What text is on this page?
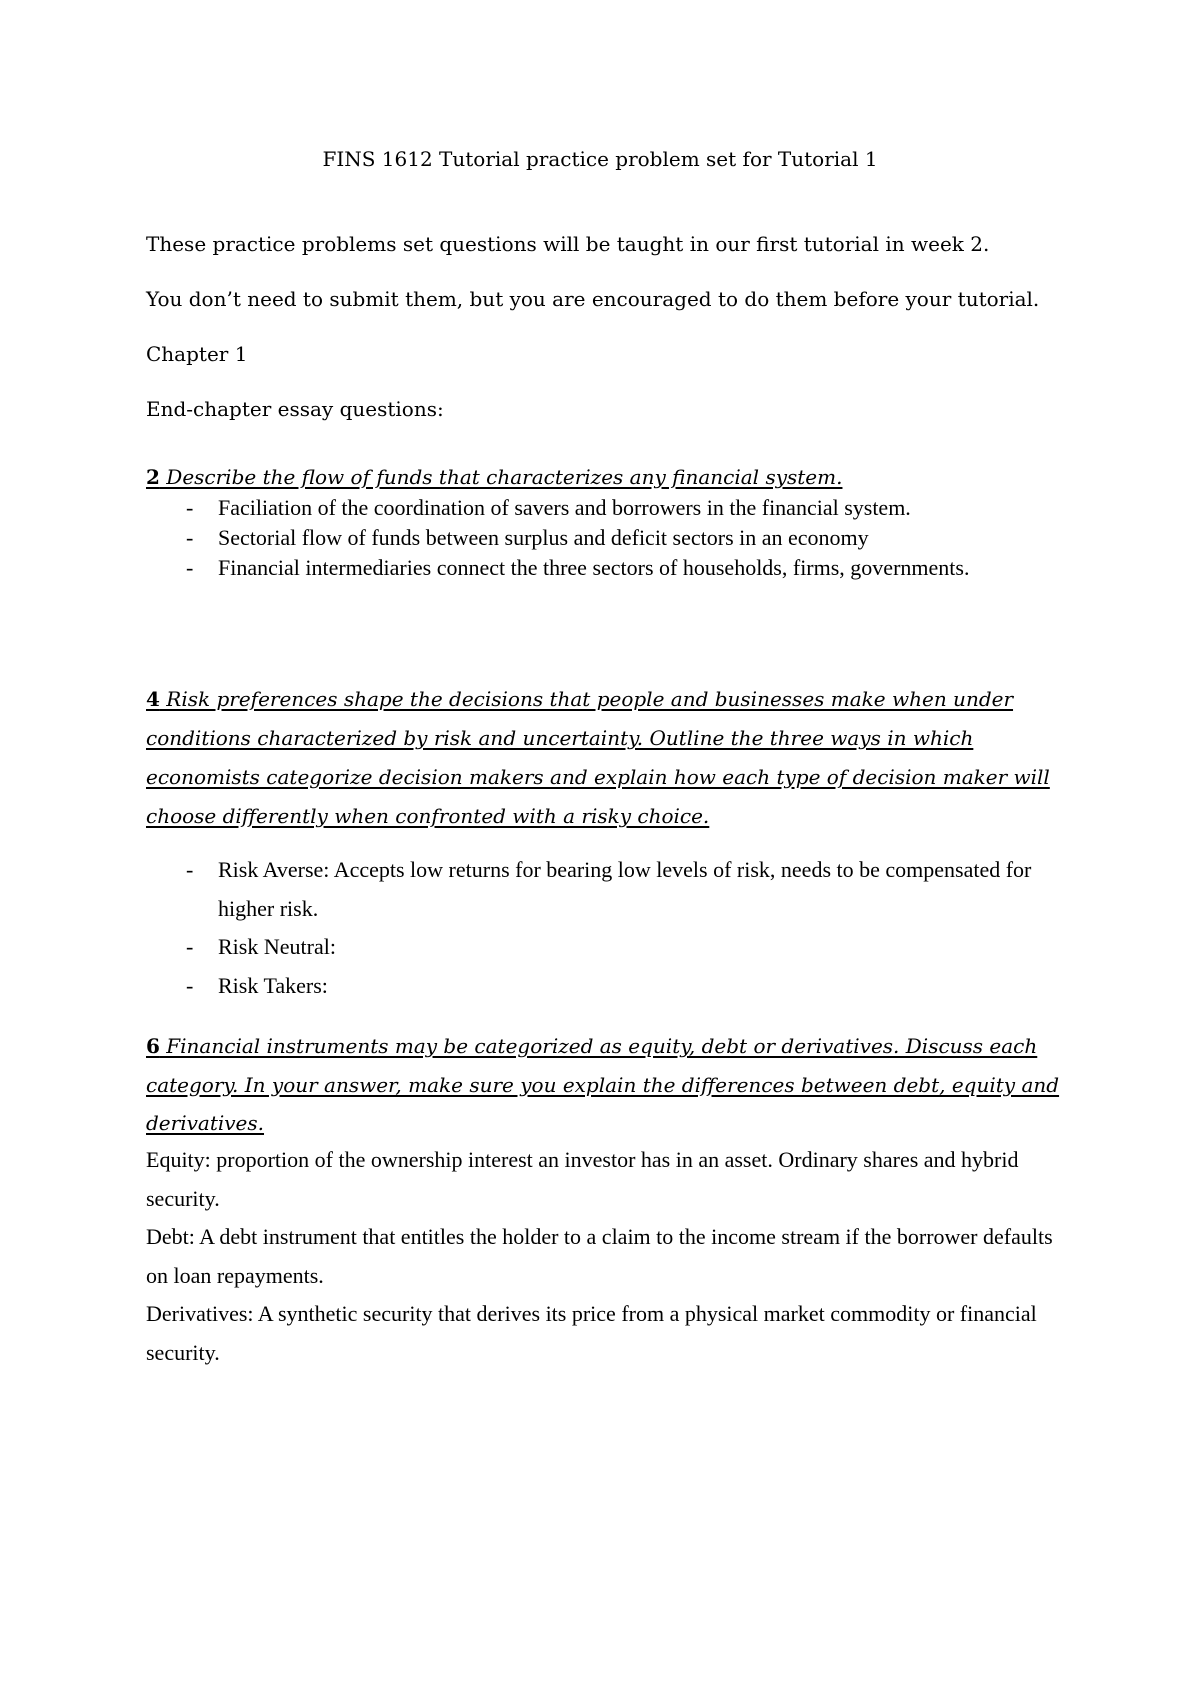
FINS 1612 Tutorial practice problem set for Tutorial 1
These practice problems set questions will be taught in our first tutorial in week 2.
You don’t need to submit them, but you are encouraged to do them before your tutorial.
Chapter 1
End-chapter essay questions:
2 Describe the flow of funds that characterizes any financial system.
- Faciliation of the coordination of savers and borrowers in the financial system.
- Sectorial flow of funds between surplus and deficit sectors in an economy
- Financial intermediaries connect the three sectors of households, firms, governments.
4 Risk preferences shape the decisions that people and businesses make when under conditions characterized by risk and uncertainty. Outline the three ways in which economists categorize decision makers and explain how each type of decision maker will choose differently when confronted with a risky choice.
- Risk Averse: Accepts low returns for bearing low levels of risk, needs to be compensated for higher risk.
- Risk Neutral:
- Risk Takers:
6 Financial instruments may be categorized as equity, debt or derivatives. Discuss each category. In your answer, make sure you explain the differences between debt, equity and derivatives.

Equity: proportion of the ownership interest an investor has in an asset. Ordinary shares and hybrid security.

Debt: A debt instrument that entitles the holder to a claim to the income stream if the borrower defaults on loan repayments.

Derivatives: A synthetic security that derives its price from a physical market commodity or financial security.
